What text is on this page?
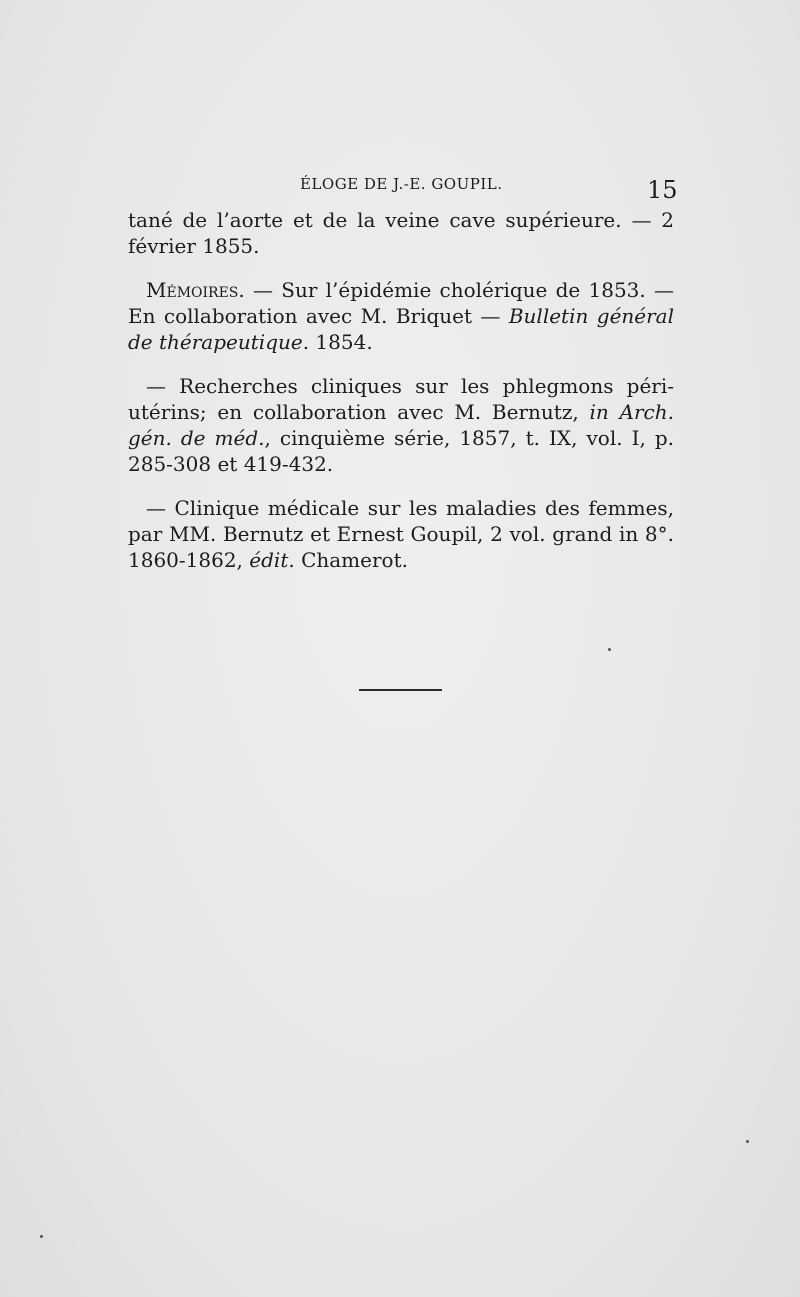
ÉLOGE DE J.-E. GOUPIL.	15

tané de l’aorte et de la veine cave supérieure. — 2 février 1855.

Mémoires. — Sur l’épidémie cholérique de 1853. — En collaboration avec M. Briquet — Bulletin général de thérapeutique. 1854.

— Recherches cliniques sur les phlegmons péri-utérins; en collaboration avec M. Bernutz, in Arch. gén. de méd., cinquième série, 1857, t. IX, vol. I, p. 285-308 et 419-432.

— Clinique médicale sur les maladies des femmes, par MM. Bernutz et Ernest Goupil, 2 vol. grand in 8°. 1860-1862, édit. Chamerot.
